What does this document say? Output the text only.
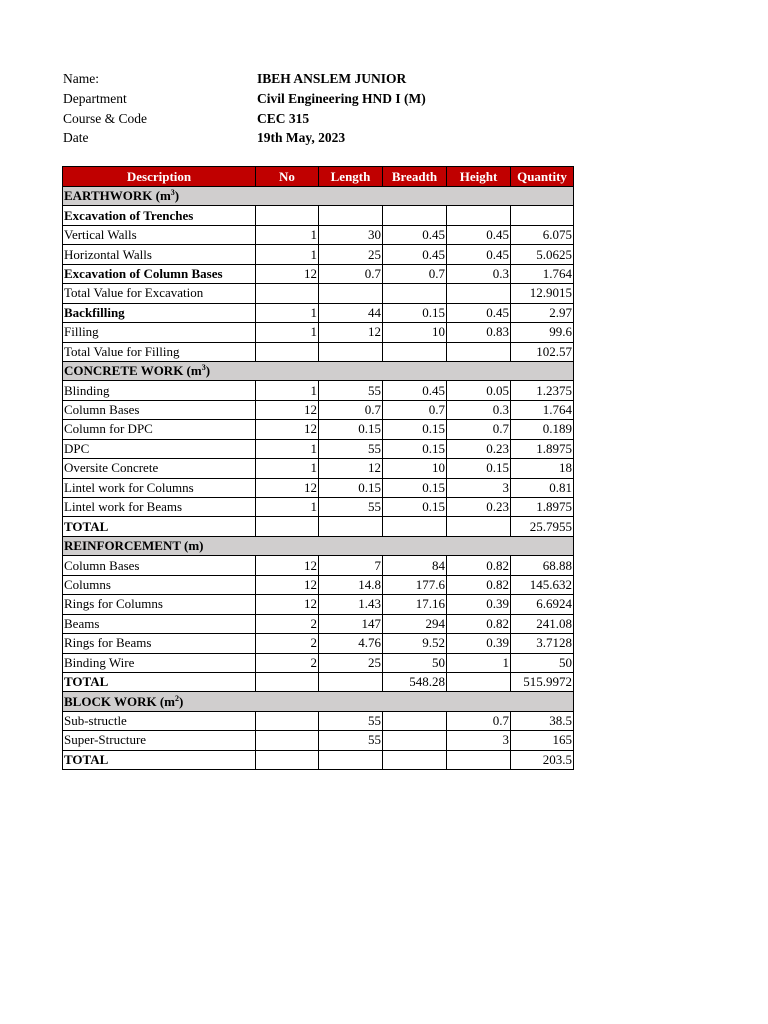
Name:	IBEH ANSLEM JUNIOR
Department	Civil Engineering HND I (M)
Course & Code	CEC 315
Date	19th May, 2023
Description	No	Length	Breadth	Height	Quantity
EARTHWORK $(m^3)$					
Excavation of Trenches					
Vertical Walls	1	30	0.45	0.45	6.075
Horizontal Walls	1	25	0.45	0.45	5.0625
Excavation of Column Bases	12	0.7	0.7	0.3	1.764
Total Value for Excavation					12.9015
Backfilling	1	44	0.15	0.45	2.97
Filling	1	12	10	0.83	99.6
Total Value for Filling					102.57
CONCRETE WORK $(m^3)$					
Blinding	1	55	0.45	0.05	1.2375
Column Bases	12	0.7	0.7	0.3	1.764
Column for DPC	12	0.15	0.15	0.7	0.189
DPC	1	55	0.15	0.23	1.8975
Oversite Concrete	1	12	10	0.15	18
Lintel work for Columns	12	0.15	0.15	3	0.81
Lintel work for Beams	1	55	0.15	0.23	1.8975
TOTAL					25.7955
REINFORCEMENT (m)					
Column Bases	12	7	84	0.82	68.88
Columns	12	14.8	177.6	0.82	145.632
Rings for Columns	12	1.43	17.16	0.39	6.6924
Beams	2	147	294	0.82	241.08
Rings for Beams	2	4.76	9.52	0.39	3.7128
Binding Wire	2	25	50	1	50
TOTAL			548.28		515.9972
BLOCK WORK $(m^2)$					
Sub-structle		55		0.7	38.5
Super-Structure		55		3	165
TOTAL					203.5
